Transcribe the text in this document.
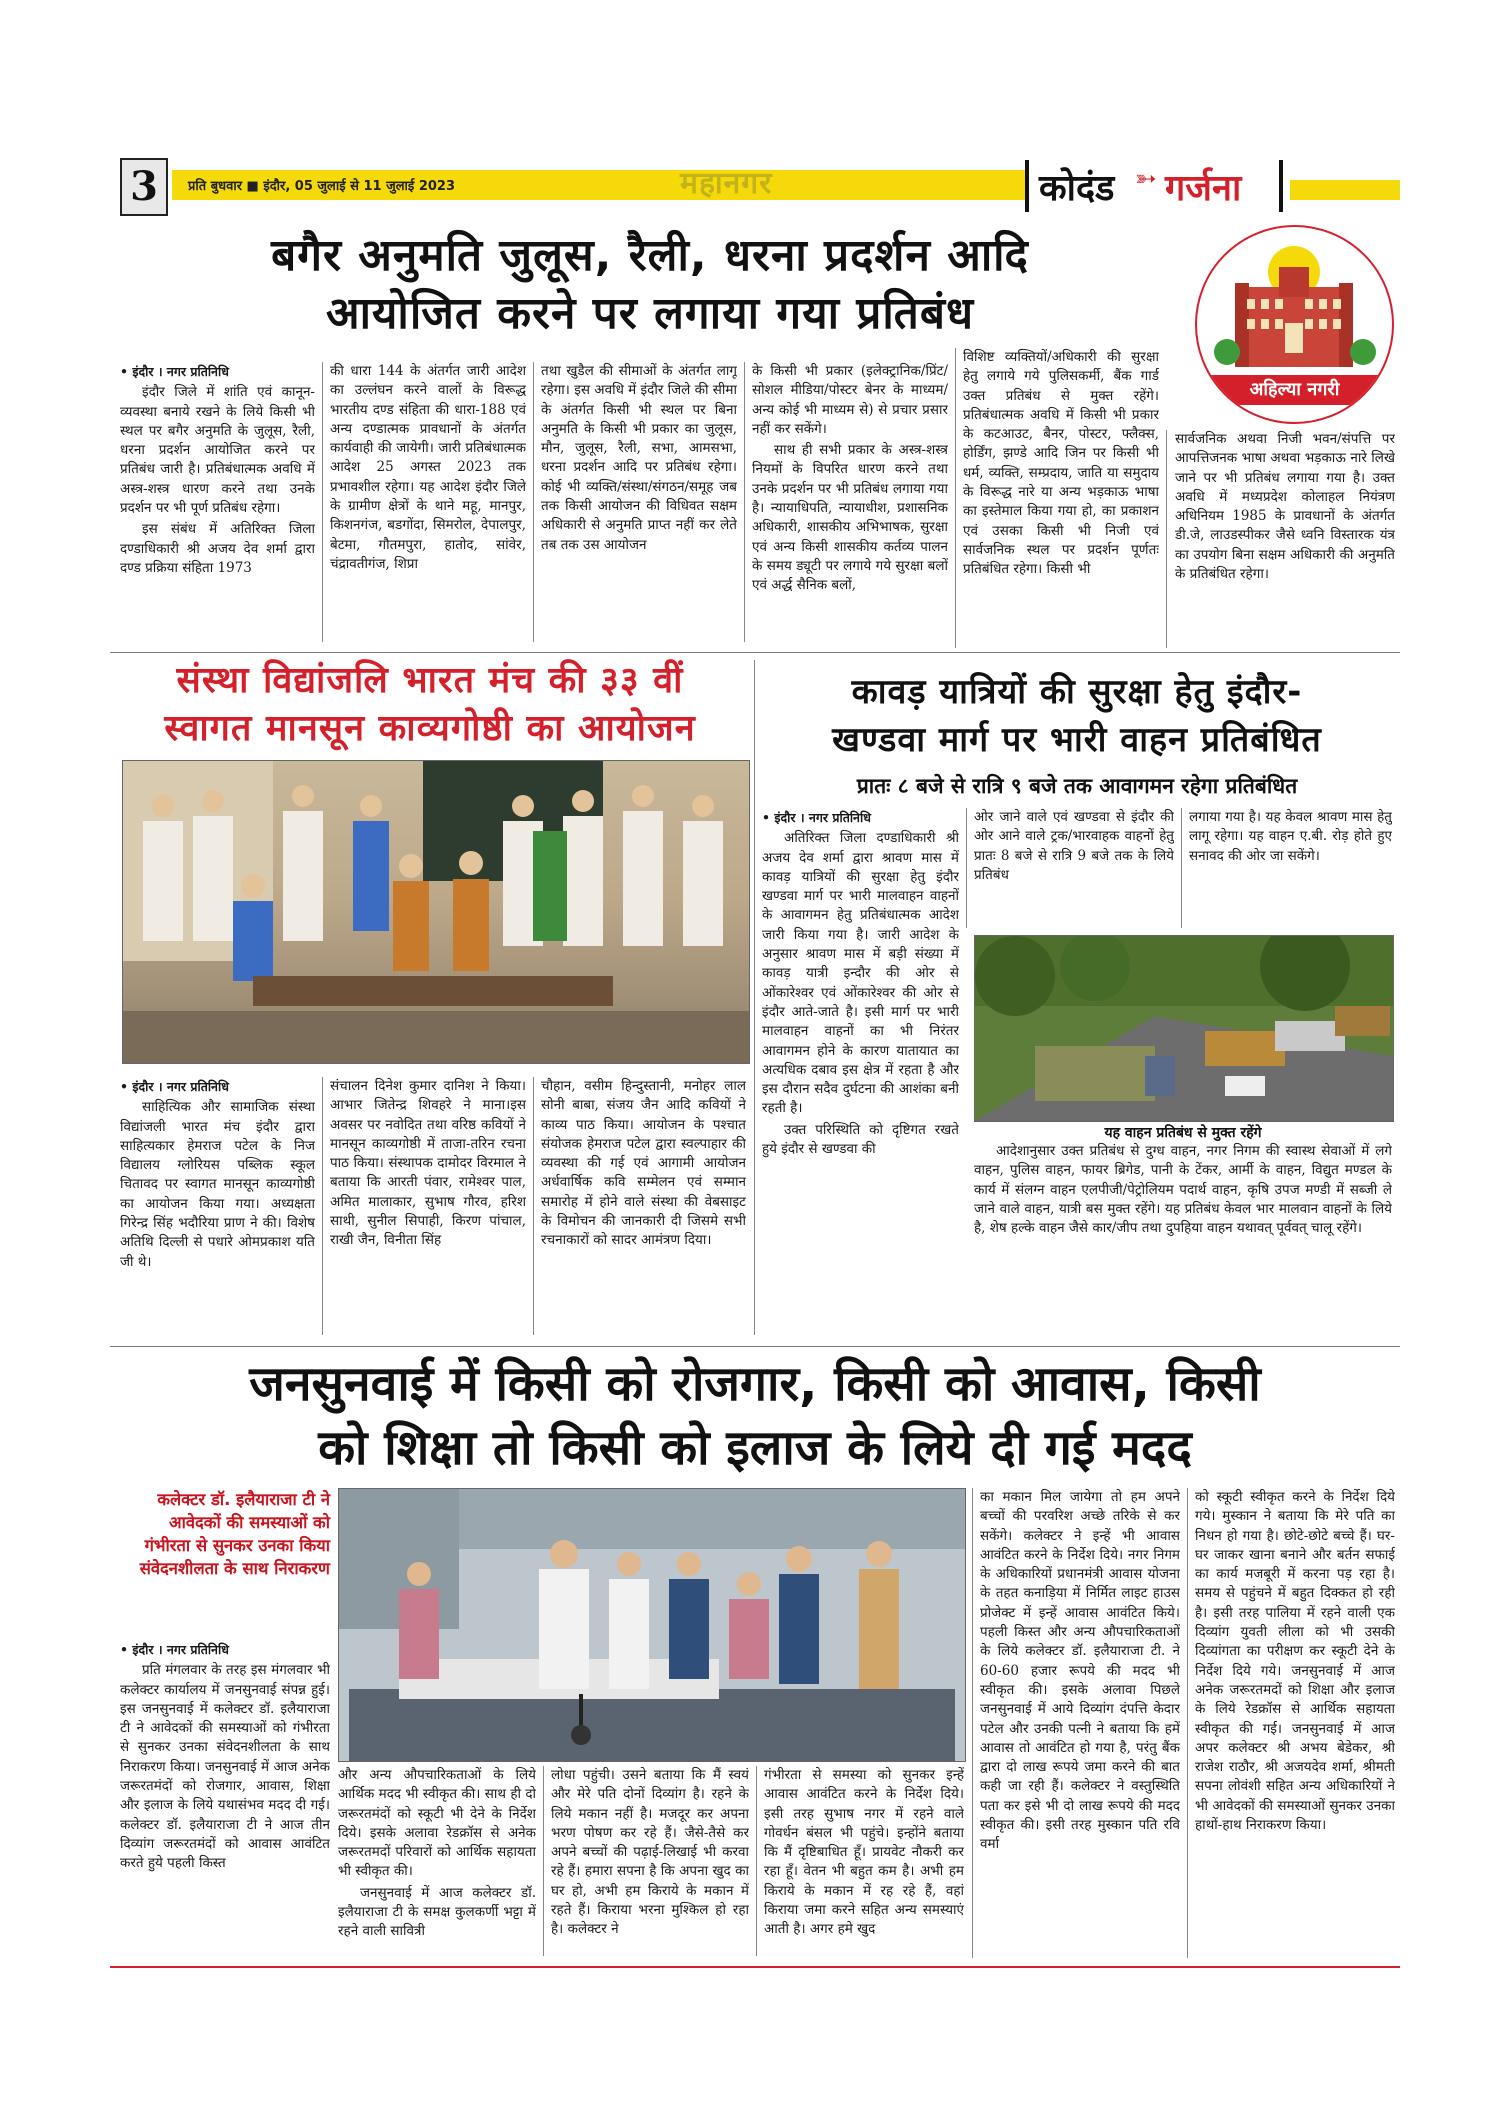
3	प्रति बुधवार ■ इंदौर, 05 जुलाई से 11 जुलाई 2023	महानगर	कोदंड ➳ गर्जना
अहिल्या नगरी
बगैर अनुमति जुलूस, रैली, धरना प्रदर्शन आदि
आयोजित करने पर लगाया गया प्रतिबंध

• इंदौर । नगर प्रतिनिधि

इंदौर जिले में शांति एवं कानून-व्यवस्था बनाये रखने के लिये किसी भी स्थल पर बगैर अनुमति के जुलूस, रैली, धरना प्रदर्शन आयोजित करने पर प्रतिबंध जारी है। प्रतिबंधात्मक अवधि में अस्त्र-शस्त्र धारण करने तथा उनके प्रदर्शन पर भी पूर्ण प्रतिबंध रहेगा।

इस संबंध में अतिरिक्त जिला दण्डाधिकारी श्री अजय देव शर्मा द्वारा दण्ड प्रक्रिया संहिता 1973

की धारा 144 के अंतर्गत जारी आदेश का उल्लंघन करने वालों के विरूद्ध भारतीय दण्ड संहिता की धारा-188 एवं अन्य दण्डात्मक प्रावधानों के अंतर्गत कार्यवाही की जायेगी। जारी प्रतिबंधात्मक आदेश 25 अगस्त 2023 तक प्रभावशील रहेगा। यह आदेश इंदौर जिले के ग्रामीण क्षेत्रों के थाने महू, मानपुर, किशनगंज, बडगोंदा, सिमरोल, देपालपुर, बेटमा, गौतमपुरा, हातोद, सांवेर, चंद्रावतीगंज, शिप्रा

तथा खुडैल की सीमाओं के अंतर्गत लागू रहेगा। इस अवधि में इंदौर जिले की सीमा के अंतर्गत किसी भी स्थल पर बिना अनुमति के किसी भी प्रकार का जुलूस, मौन, जुलूस, रैली, सभा, आमसभा, धरना प्रदर्शन आदि पर प्रतिबंध रहेगा। कोई भी व्यक्ति/संस्था/संगठन/समूह जब तक किसी आयोजन की विधिवत सक्षम अधिकारी से अनुमति प्राप्त नहीं कर लेते तब तक उस आयोजन

के किसी भी प्रकार (इलेक्ट्रानिक/प्रिंट/सोशल मीडिया/पोस्टर बेनर के माध्यम/अन्य कोई भी माध्यम से) से प्रचार प्रसार नहीं कर सकेंगे।

साथ ही सभी प्रकार के अस्त्र-शस्त्र नियमों के विपरित धारण करने तथा उनके प्रदर्शन पर भी प्रतिबंध लगाया गया है। न्यायाधिपति, न्यायाधीश, प्रशासनिक अधिकारी, शासकीय अभिभाषक, सुरक्षा एवं अन्य किसी शासकीय कर्तव्य पालन के समय ड्यूटी पर लगाये गये सुरक्षा बलों एवं अर्द्ध सैनिक बलों,

विशिष्ट व्यक्तियों/अधिकारी की सुरक्षा हेतु लगाये गये पुलिसकर्मी, बैंक गार्ड उक्त प्रतिबंध से मुक्त रहेंगे। प्रतिबंधात्मक अवधि में किसी भी प्रकार के कटआउट, बैनर, पोस्टर, फ्लैक्स, होर्डिंग, झण्डे आदि जिन पर किसी भी धर्म, व्यक्ति, सम्प्रदाय, जाति या समुदाय के विरूद्ध नारे या अन्य भड़काऊ भाषा का इस्तेमाल किया गया हो, का प्रकाशन एवं उसका किसी भी निजी एवं सार्वजनिक स्थल पर प्रदर्शन पूर्णतः प्रतिबंधित रहेगा। किसी भी

सार्वजनिक अथवा निजी भवन/संपत्ति पर आपत्तिजनक भाषा अथवा भड़काऊ नारे लिखे जाने पर भी प्रतिबंध लगाया गया है। उक्त अवधि में मध्यप्रदेश कोलाहल नियंत्रण अधिनियम 1985 के प्रावधानों के अंतर्गत डी.जे, लाउडस्पीकर जैसे ध्वनि विस्तारक यंत्र का उपयोग बिना सक्षम अधिकारी की अनुमति के प्रतिबंधित रहेगा।

संस्था विद्यांजलि भारत मंच की ३३ वीं
स्वागत मानसून काव्यगोष्ठी का आयोजन

• इंदौर । नगर प्रतिनिधि

साहित्यिक और सामाजिक संस्था विद्यांजली भारत मंच इंदौर द्वारा साहित्यकार हेमराज पटेल के निज विद्यालय ग्लोरियस पब्लिक स्कूल चितावद पर स्वागत मानसून काव्यगोष्ठी का आयोजन किया गया। अध्यक्षता गिरेन्द्र सिंह भदौरिया प्राण ने की। विशेष अतिथि दिल्ली से पधारे ओमप्रकाश यति जी थे।

संचालन दिनेश कुमार दानिश ने किया। आभार जितेन्द्र शिवहरे ने माना।इस अवसर पर नवोदित तथा वरिष्ठ कवियों ने मानसून काव्यगोष्ठी में ताजा-तरिन रचना पाठ किया। संस्थापक दामोदर विरमाल ने बताया कि आरती पंवार, रामेश्वर पाल, अमित मालाकार, सुभाष गौरव, हरिश साथी, सुनील सिपाही, किरण पांचाल, राखी जैन, विनीता सिंह

चौहान, वसीम हिन्दुस्तानी, मनोहर लाल सोनी बाबा, संजय जैन आदि कवियों ने काव्य पाठ किया। आयोजन के पश्चात संयोजक हेमराज पटेल द्वारा स्वल्पाहार की व्यवस्था की गई एवं आगामी आयोजन अर्धवार्षिक कवि सम्मेलन एवं सम्मान समारोह में होने वाले संस्था की वेबसाइट के विमोचन की जानकारी दी जिसमे सभी रचनाकारों को सादर आमंत्रण दिया।

कावड़ यात्रियों की सुरक्षा हेतु इंदौर-
खण्डवा मार्ग पर भारी वाहन प्रतिबंधित
प्रातः ८ बजे से रात्रि ९ बजे तक आवागमन रहेगा प्रतिबंधित

• इंदौर । नगर प्रतिनिधि

अतिरिक्त जिला दण्डाधिकारी श्री अजय देव शर्मा द्वारा श्रावण मास में कावड़ यात्रियों की सुरक्षा हेतु इंदौर खण्डवा मार्ग पर भारी मालवाहन वाहनों के आवागमन हेतु प्रतिबंधात्मक आदेश जारी किया गया है। जारी आदेश के अनुसार श्रावण मास में बड़ी संख्या में कावड़ यात्री इन्दौर की ओर से ओंकारेश्वर एवं ओंकारेश्वर की ओर से इंदौर आते-जाते है। इसी मार्ग पर भारी मालवाहन वाहनों का भी निरंतर आवागमन होने के कारण यातायात का अत्यधिक दबाव इस क्षेत्र में रहता है और इस दौरान सदैव दुर्घटना की आशंका बनी रहती है।

उक्त परिस्थिति को दृष्टिगत रखते हुये इंदौर से खण्डवा की

ओर जाने वाले एवं खण्डवा से इंदौर की ओर आने वाले ट्रक/भारवाहक वाहनों हेतु प्रातः 8 बजे से रात्रि 9 बजे तक के लिये प्रतिबंध

लगाया गया है। यह केवल श्रावण मास हेतु लागू रहेगा। यह वाहन ए.बी. रोड़ होते हुए सनावद की ओर जा सकेंगे।

यह वाहन प्रतिबंध से मुक्त रहेंगे

आदेशानुसार उक्त प्रतिबंध से दुग्ध वाहन, नगर निगम की स्वास्थ सेवाओं में लगे वाहन, पुलिस वाहन, फायर ब्रिगेड, पानी के टेंकर, आर्मी के वाहन, विद्युत मण्डल के कार्य में संलग्न वाहन एलपीजी/पेट्रोलियम पदार्थ वाहन, कृषि उपज मण्डी में सब्जी ले जाने वाले वाहन, यात्री बस मुक्त रहेंगे। यह प्रतिबंध केवल भार मालवान वाहनों के लिये है, शेष हल्के वाहन जैसे कार/जीप तथा दुपहिया वाहन यथावत् पूर्ववत् चालू रहेंगे।

जनसुनवाई में किसी को रोजगार, किसी को आवास, किसी
को शिक्षा तो किसी को इलाज के लिये दी गई मदद
कलेक्टर डॉ. इलैयाराजा टी ने आवेदकों की समस्याओं को गंभीरता से सुनकर उनका किया संवेदनशीलता के साथ निराकरण

• इंदौर । नगर प्रतिनिधि

प्रति मंगलवार के तरह इस मंगलवार भी कलेक्टर कार्यालय में जनसुनवाई संपन्न हुई। इस जनसुनवाई में कलेक्टर डॉ. इलैयाराजा टी ने आवेदकों की समस्याओं को गंभीरता से सुनकर उनका संवेदनशीलता के साथ निराकरण किया। जनसुनवाई में आज अनेक जरूरतमंदों को रोजगार, आवास, शिक्षा और इलाज के लिये यथासंभव मदद दी गई। कलेक्टर डॉ. इलैयाराजा टी ने आज तीन दिव्यांग जरूरतमंदों को आवास आवंटित करते हुये पहली किस्त

और अन्य औपचारिकताओं के लिये आर्थिक मदद भी स्वीकृत की। साथ ही दो जरूरतमंदों को स्कूटी भी देने के निर्देश दिये। इसके अलावा रेडक्रॉस से अनेक जरूरतमदों परिवारों को आर्थिक सहायता भी स्वीकृत की।

जनसुनवाई में आज कलेक्टर डॉ. इलैयाराजा टी के समक्ष कुलकर्णी भट्टा में रहने वाली सावित्री

लोधा पहुंची। उसने बताया कि मैं स्वयं और मेरे पति दोनों दिव्यांग है। रहने के लिये मकान नहीं है। मजदूर कर अपना भरण पोषण कर रहे हैं। जैसे-तैसे कर अपने बच्चों की पढ़ाई-लिखाई भी करवा रहे हैं। हमारा सपना है कि अपना खुद का घर हो, अभी हम किराये के मकान में रहते हैं। किराया भरना मुश्किल हो रहा है। कलेक्टर ने

गंभीरता से समस्या को सुनकर इन्हें आवास आवंटित करने के निर्देश दिये। इसी तरह सुभाष नगर में रहने वाले गोवर्धन बंसल भी पहुंचे। इन्होंने बताया कि मैं दृष्टिबाधित हूँ। प्रायवेट नौकरी कर रहा हूँ। वेतन भी बहुत कम है। अभी हम किराये के मकान में रह रहे हैं, वहां किराया जमा करने सहित अन्य समस्याएं आती है। अगर हमे खुद

का मकान मिल जायेगा तो हम अपने बच्चों की परवरिश अच्छे तरिके से कर सकेंगे। कलेक्टर ने इन्हें भी आवास आवंटित करने के निर्देश दिये। नगर निगम के अधिकारियों प्रधानमंत्री आवास योजना के तहत कनाड़िया में निर्मित लाइट हाउस प्रोजेक्ट में इन्हें आवास आवंटित किये। पहली किस्त और अन्य औपचारिकताओं के लिये कलेक्टर डॉ. इलैयाराजा टी. ने 60-60 हजार रूपये की मदद भी स्वीकृत की। इसके अलावा पिछले जनसुनवाई में आये दिव्यांग दंपत्ति केदार पटेल और उनकी पत्नी ने बताया कि हमें आवास तो आवंटित हो गया है, परंतु बैंक द्वारा दो लाख रूपये जमा करने की बात कही जा रही हैं। कलेक्टर ने वस्तुस्थिति पता कर इसे भी दो लाख रूपये की मदद स्वीकृत की। इसी तरह मुस्कान पति रवि वर्मा

को स्कूटी स्वीकृत करने के निर्देश दिये गये। मुस्कान ने बताया कि मेरे पति का निधन हो गया है। छोटे-छोटे बच्चे हैं। घर-घर जाकर खाना बनाने और बर्तन सफाई का कार्य मजबूरी में करना पड़ रहा है। समय से पहुंचने में बहुत दिक्कत हो रही है। इसी तरह पालिया में रहने वाली एक दिव्यांग युवती लीला को भी उसकी दिव्यांगता का परीक्षण कर स्कूटी देने के निर्देश दिये गये। जनसुनवाई में आज अनेक जरूरतमदों को शिक्षा और इलाज के लिये रेडक्रॉस से आर्थिक सहायता स्वीकृत की गई। जनसुनवाई में आज अपर कलेक्टर श्री अभय बेडेकर, श्री राजेश राठौर, श्री अजयदेव शर्मा, श्रीमती सपना लोवंशी सहित अन्य अधिकारियों ने भी आवेदकों की समस्याओं सुनकर उनका हाथों-हाथ निराकरण किया।
